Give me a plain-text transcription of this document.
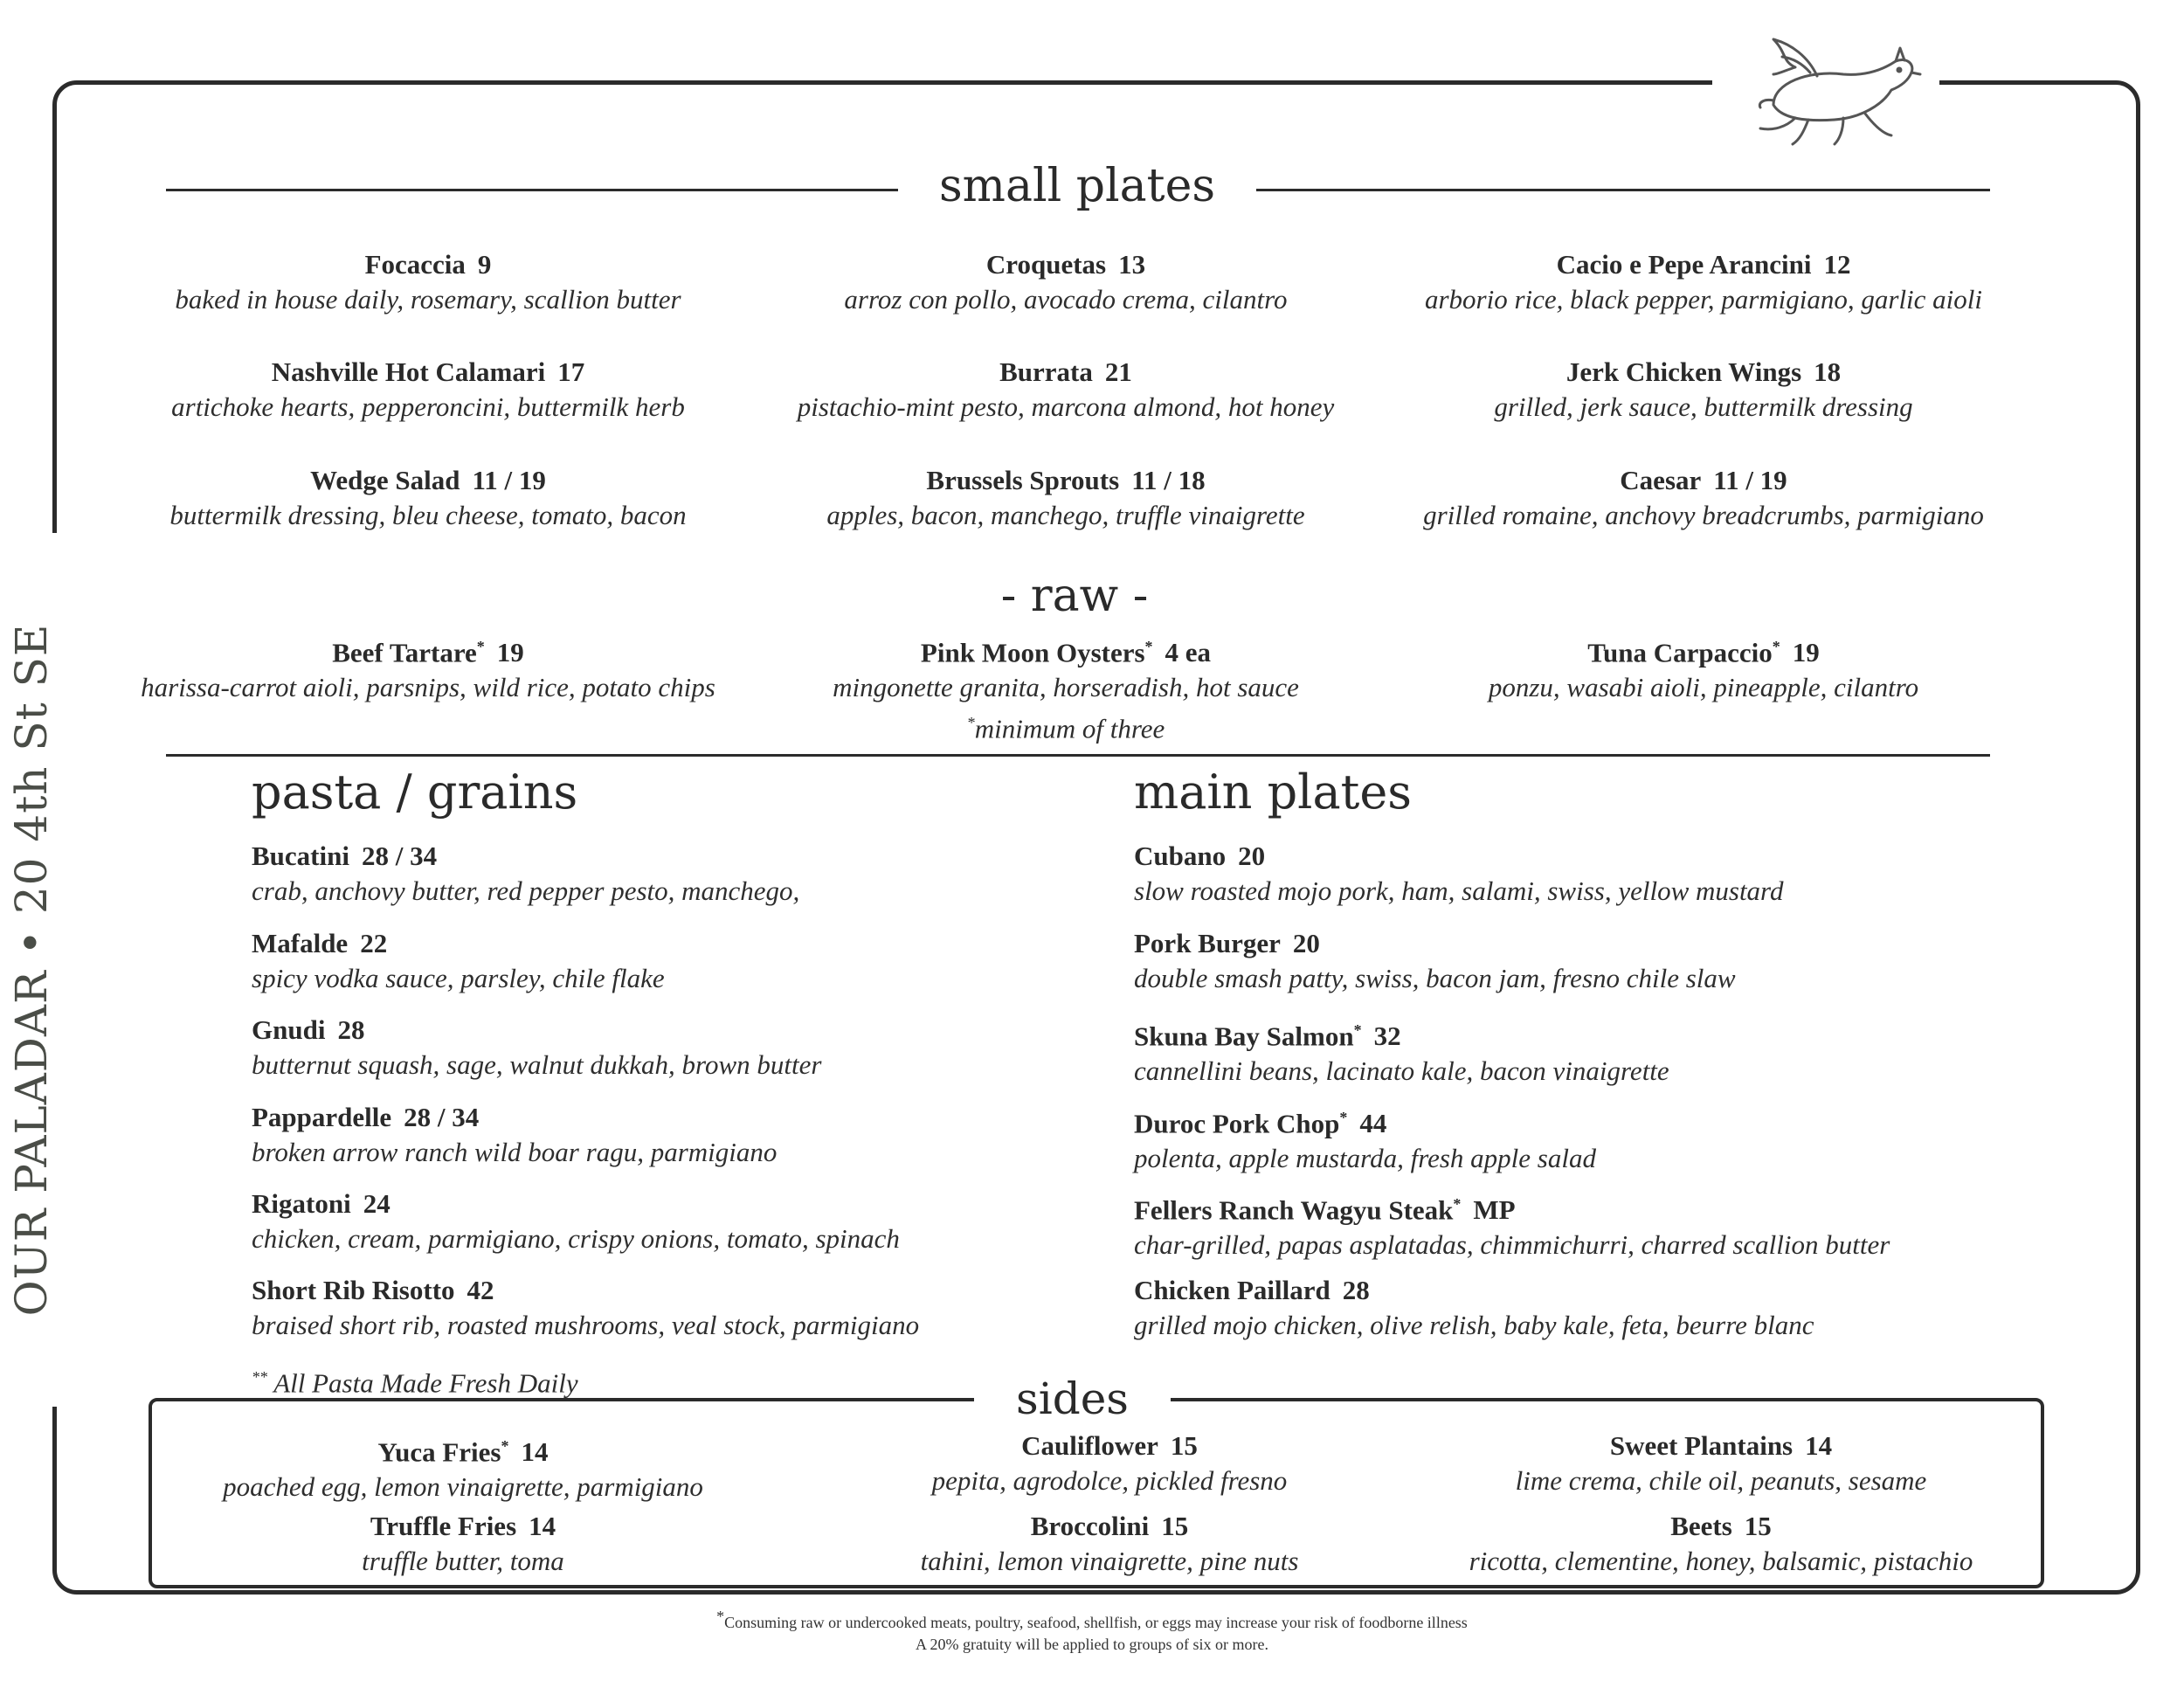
OUR PALADAR • 20 4th St SE
small plates
Focaccia 9
baked in house daily, rosemary, scallion butter
Croquetas 13
arroz con pollo, avocado crema, cilantro
Cacio e Pepe Arancini 12
arborio rice, black pepper, parmigiano, garlic aioli
Nashville Hot Calamari 17
artichoke hearts, pepperoncini, buttermilk herb
Burrata 21
pistachio-mint pesto, marcona almond, hot honey
Jerk Chicken Wings 18
grilled, jerk sauce, buttermilk dressing
Wedge Salad 11 / 19
buttermilk dressing, bleu cheese, tomato, bacon
Brussels Sprouts 11 / 18
apples, bacon, manchego, truffle vinaigrette
Caesar 11 / 19
grilled romaine, anchovy breadcrumbs, parmigiano
- raw -
Beef Tartare* 19
harissa-carrot aioli, parsnips, wild rice, potato chips
Pink Moon Oysters* 4 ea
mingonette granita, horseradish, hot sauce
*minimum of three
Tuna Carpaccio* 19
ponzu, wasabi aioli, pineapple, cilantro
pasta / grains
Bucatini 28 / 34
crab, anchovy butter, red pepper pesto, manchego,
Mafalde 22
spicy vodka sauce, parsley, chile flake
Gnudi 28
butternut squash, sage, walnut dukkah, brown butter
Pappardelle 28 / 34
broken arrow ranch wild boar ragu, parmigiano
Rigatoni 24
chicken, cream, parmigiano, crispy onions, tomato, spinach
Short Rib Risotto 42
braised short rib, roasted mushrooms, veal stock, parmigiano
** All Pasta Made Fresh Daily
main plates
Cubano 20
slow roasted mojo pork, ham, salami, swiss, yellow mustard
Pork Burger 20
double smash patty, swiss, bacon jam, fresno chile slaw
Skuna Bay Salmon* 32
cannellini beans, lacinato kale, bacon vinaigrette
Duroc Pork Chop* 44
polenta, apple mustarda, fresh apple salad
Fellers Ranch Wagyu Steak* MP
char-grilled, papas asplatadas, chimmichurri, charred scallion butter
Chicken Paillard 28
grilled mojo chicken, olive relish, baby kale, feta, beurre blanc
sides
Yuca Fries* 14
poached egg, lemon vinaigrette, parmigiano
Cauliflower 15
pepita, agrodolce, pickled fresno
Sweet Plantains 14
lime crema, chile oil, peanuts, sesame
Truffle Fries 14
truffle butter, toma
Broccolini 15
tahini, lemon vinaigrette, pine nuts
Beets 15
ricotta, clementine, honey, balsamic, pistachio
*Consuming raw or undercooked meats, poultry, seafood, shellfish, or eggs may increase your risk of foodborne illness
A 20% gratuity will be applied to groups of six or more.
